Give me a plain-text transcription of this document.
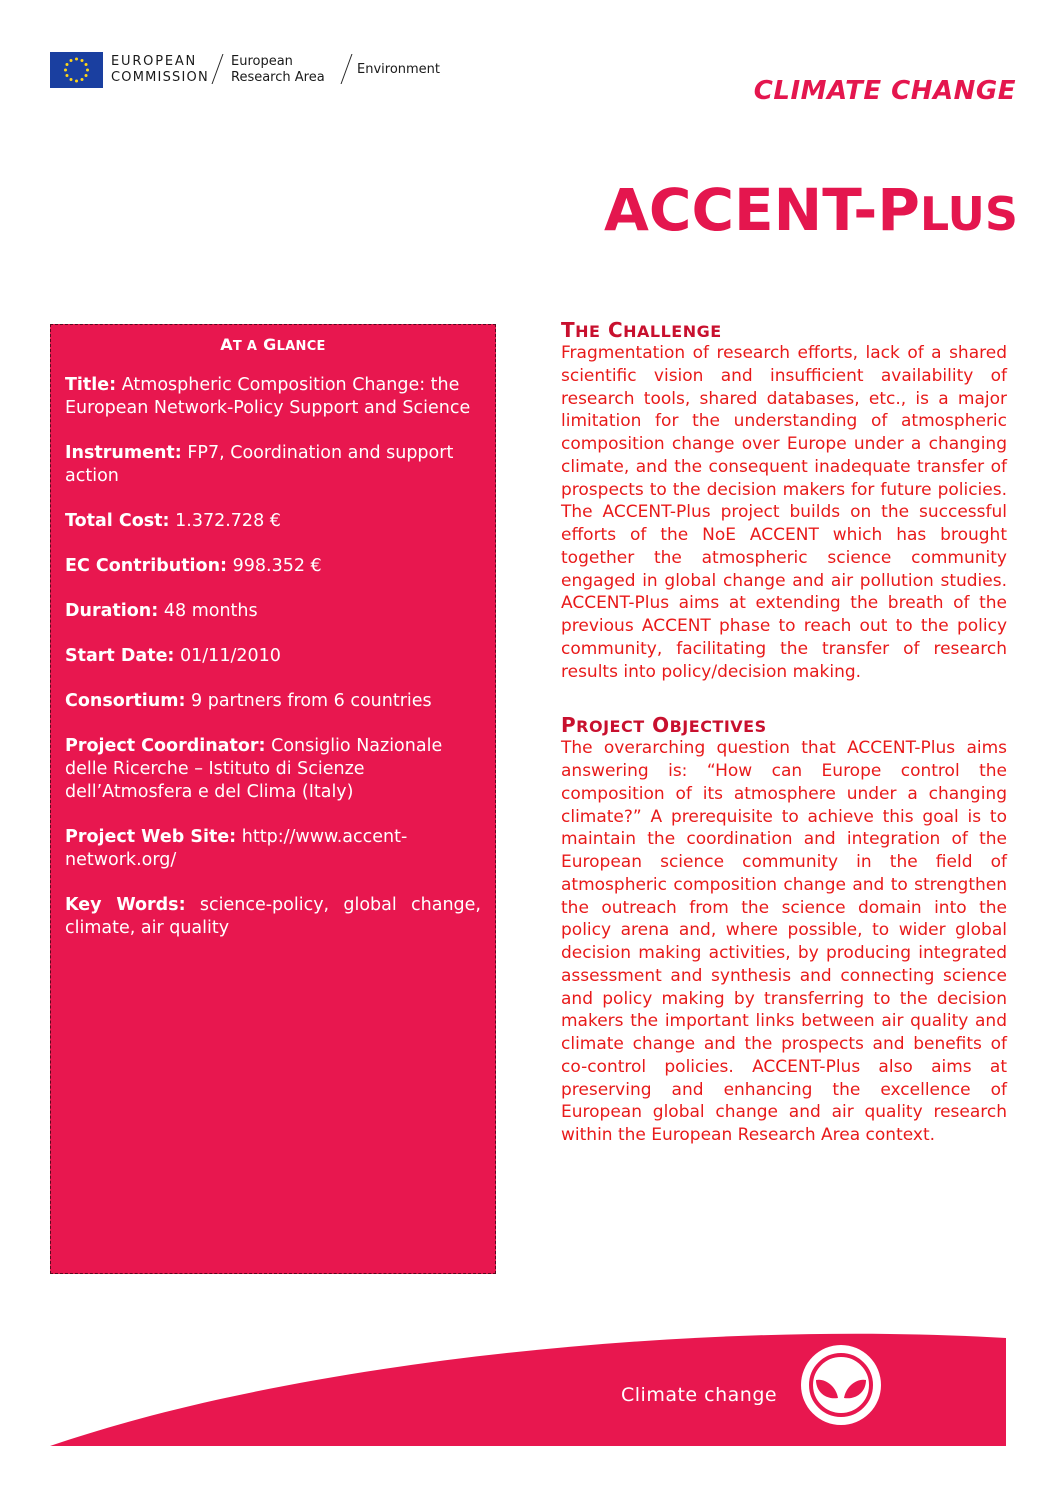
EUROPEAN
COMMISSION
European
Research Area
Environment
CLIMATE CHANGE
ACCENT-PLUS
AT A GLANCE

Title: Atmospheric Composition Change: the European Network-Policy Support and Science

Instrument: FP7, Coordination and support action

Total Cost: 1.372.728 €

EC Contribution: 998.352 €

Duration: 48 months

Start Date: 01/11/2010

Consortium: 9 partners from 6 countries

Project Coordinator: Consiglio Nazionale delle Ricerche – Istituto di Scienze dell’Atmosfera e del Clima (Italy)

Project Web Site: http://www.accent-network.org/

Key Words: science-policy, global change, climate, air quality

THE CHALLENGE

Fragmentation of research efforts, lack of a shared scientific vision and insufficient availability of research tools, shared databases, etc., is a major limitation for the understanding of atmospheric composition change over Europe under a changing climate, and the consequent inadequate transfer of prospects to the decision makers for future policies. The ACCENT-Plus project builds on the successful efforts of the NoE ACCENT which has brought together the atmospheric science community engaged in global change and air pollution studies. ACCENT-Plus aims at extending the breath of the previous ACCENT phase to reach out to the policy community, facilitating the transfer of research results into policy/decision making.

PROJECT OBJECTIVES

The overarching question that ACCENT-Plus aims answering is: “How can Europe control the composition of its atmosphere under a changing climate?” A prerequisite to achieve this goal is to maintain the coordination and integration of the European science community in the field of atmospheric composition change and to strengthen the outreach from the science domain into the policy arena and, where possible, to wider global decision making activities, by producing integrated assessment and synthesis and connecting science and policy making by transferring to the decision makers the important links between air quality and climate change and the prospects and benefits of co-control policies. ACCENT-Plus also aims at preserving and enhancing the excellence of European global change and air quality research within the European Research Area context.

Climate change
